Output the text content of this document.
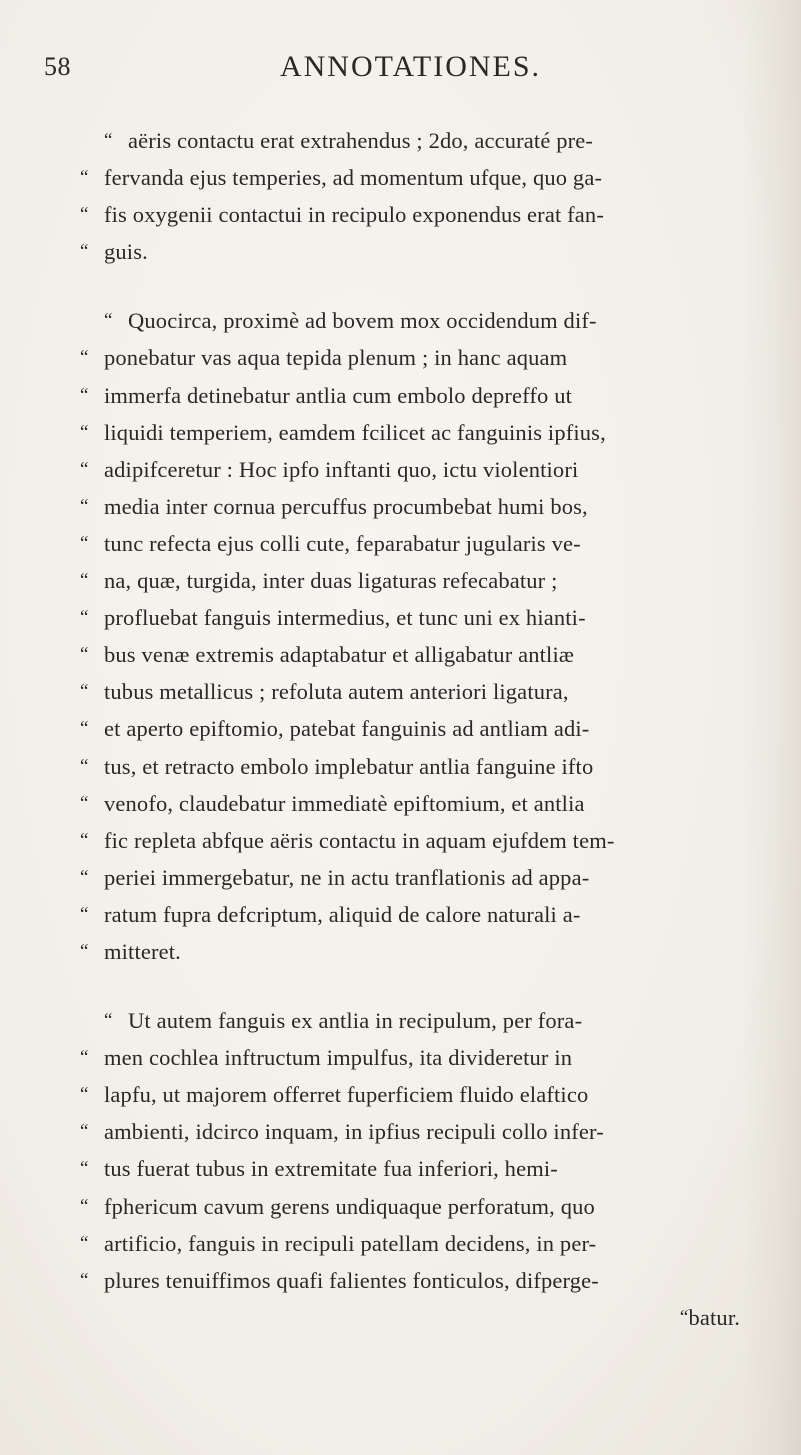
58	ANNOTATIONES.
“ aëris contactu erat extrahendus ; 2do, accuraté pre-
“ fervanda ejus temperies, ad momentum ufque, quo ga-
“ fis oxygenii contactui in recipulo exponendus erat fan-
“ guis.
“ Quocirca, proximè ad bovem mox occidendum dif-
“ ponebatur vas aqua tepida plenum ; in hanc aquam
“ immerfa detinebatur antlia cum embolo depreffo ut
“ liquidi temperiem, eamdem fcilicet ac fanguinis ipfius,
“ adipifceretur : Hoc ipfo inftanti quo, ictu violentiori
“ media inter cornua percuffus procumbebat humi bos,
“ tunc refecta ejus colli cute, feparabatur jugularis ve-
“ na, quæ, turgida, inter duas ligaturas refecabatur ;
“ profluebat fanguis intermedius, et tunc uni ex hianti-
“ bus venæ extremis adaptabatur et alligabatur antliæ
“ tubus metallicus ; refoluta autem anteriori ligatura,
“ et aperto epiftomio, patebat fanguinis ad antliam adi-
“ tus, et retracto embolo implebatur antlia fanguine ifto
“ venofo, claudebatur immediatè epiftomium, et antlia
“ fic repleta abfque aëris contactu in aquam ejufdem tem-
“ periei immergebatur, ne in actu tranflationis ad appa-
“ ratum fupra defcriptum, aliquid de calore naturali a-
“ mitteret.
“ Ut autem fanguis ex antlia in recipulum, per fora-
“ men cochlea inftructum impulfus, ita divideretur in
“ lapfu, ut majorem offerret fuperficiem fluido elaftico
“ ambienti, idcirco inquam, in ipfius recipuli collo infer-
“ tus fuerat tubus in extremitate fua inferiori, hemi-
“ fphericum cavum gerens undiquaque perforatum, quo
“ artificio, fanguis in recipuli patellam decidens, in per-
“ plures tenuiffimos quafi falientes fonticulos, difperge-
“batur.
